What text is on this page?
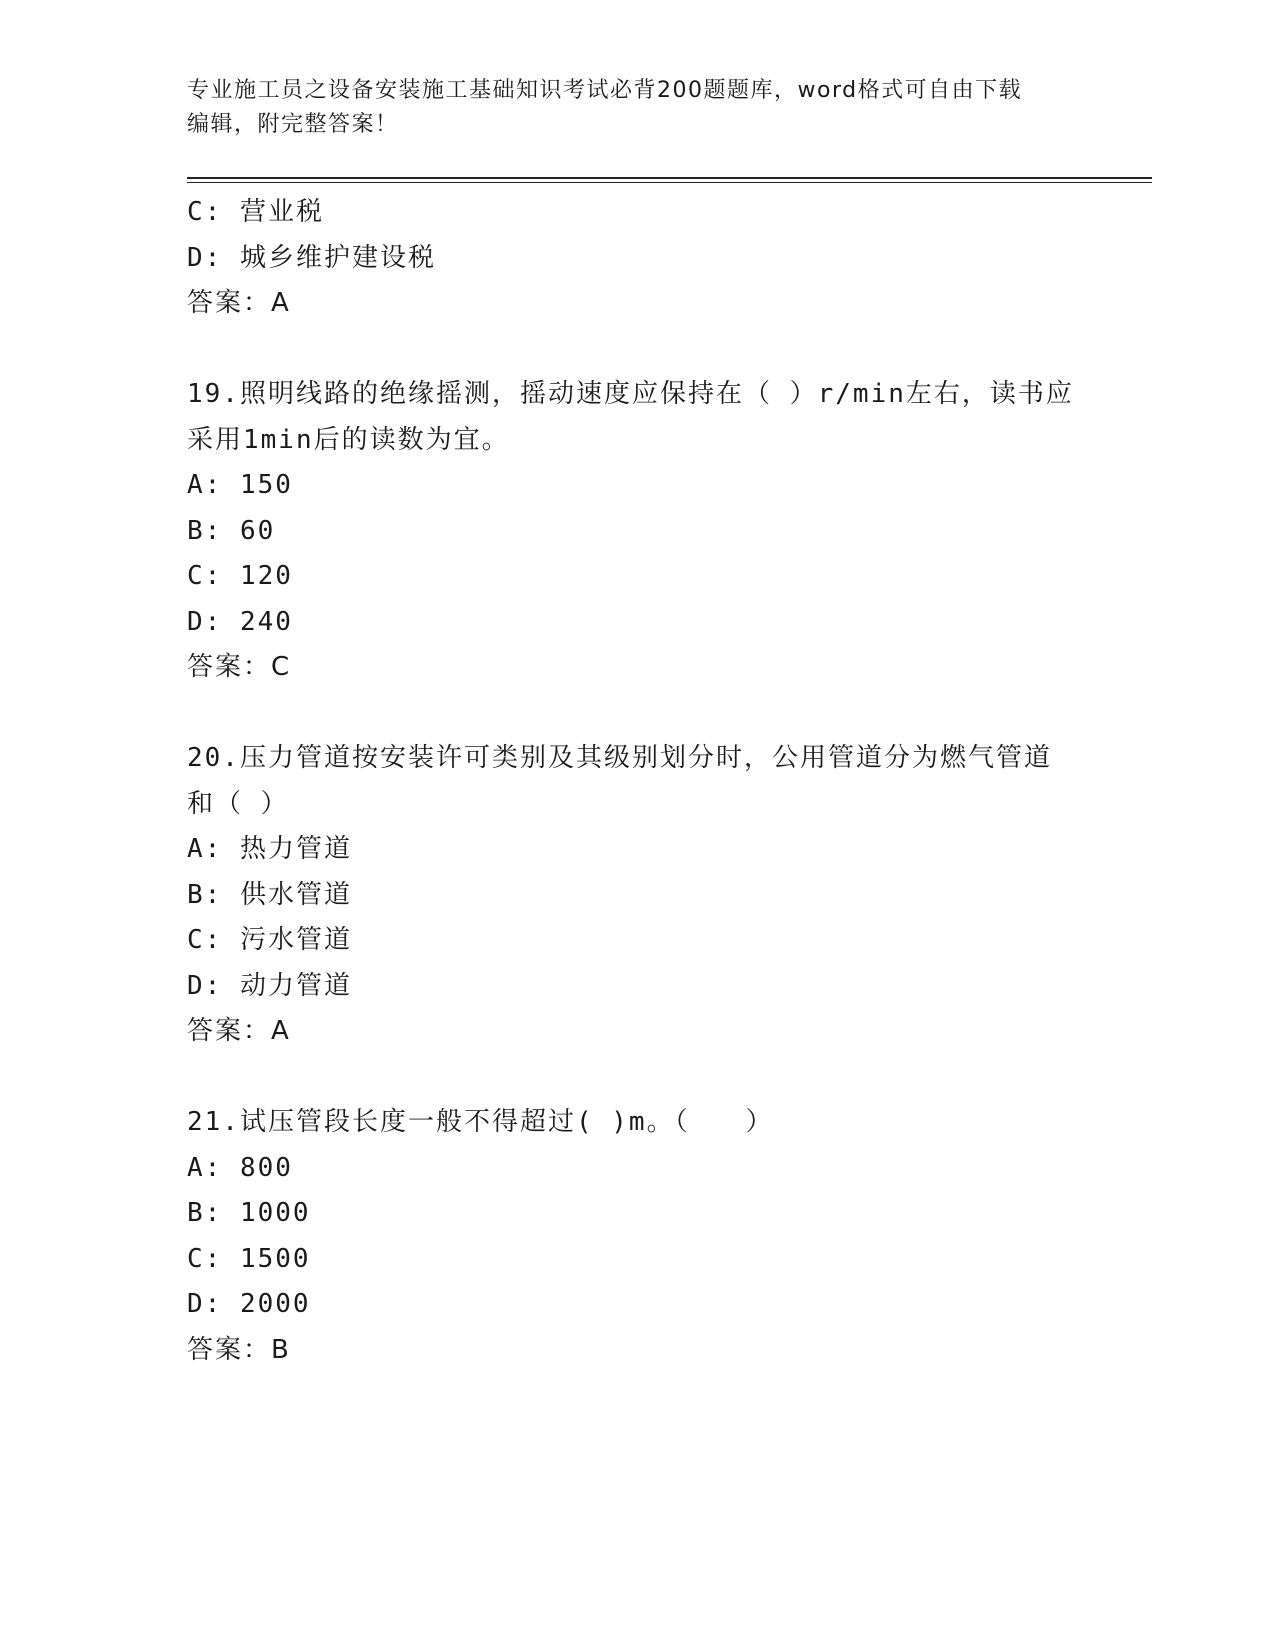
专业施工员之设备安装施工基础知识考试必背200题题库，word格式可自由下载
编辑，附完整答案！
C: 营业税
D: 城乡维护建设税
答案：A
19.照明线路的绝缘摇测，摇动速度应保持在（ ）r/min左右，读书应
采用1min后的读数为宜。
A: 150
B: 60
C: 120
D: 240
答案：C
20.压力管道按安装许可类别及其级别划分时，公用管道分为燃气管道
和（ ）
A: 热力管道
B: 供水管道
C: 污水管道
D: 动力管道
答案：A
21.试压管段长度一般不得超过( )m。（　　）
A: 800
B: 1000
C: 1500
D: 2000
答案：B
